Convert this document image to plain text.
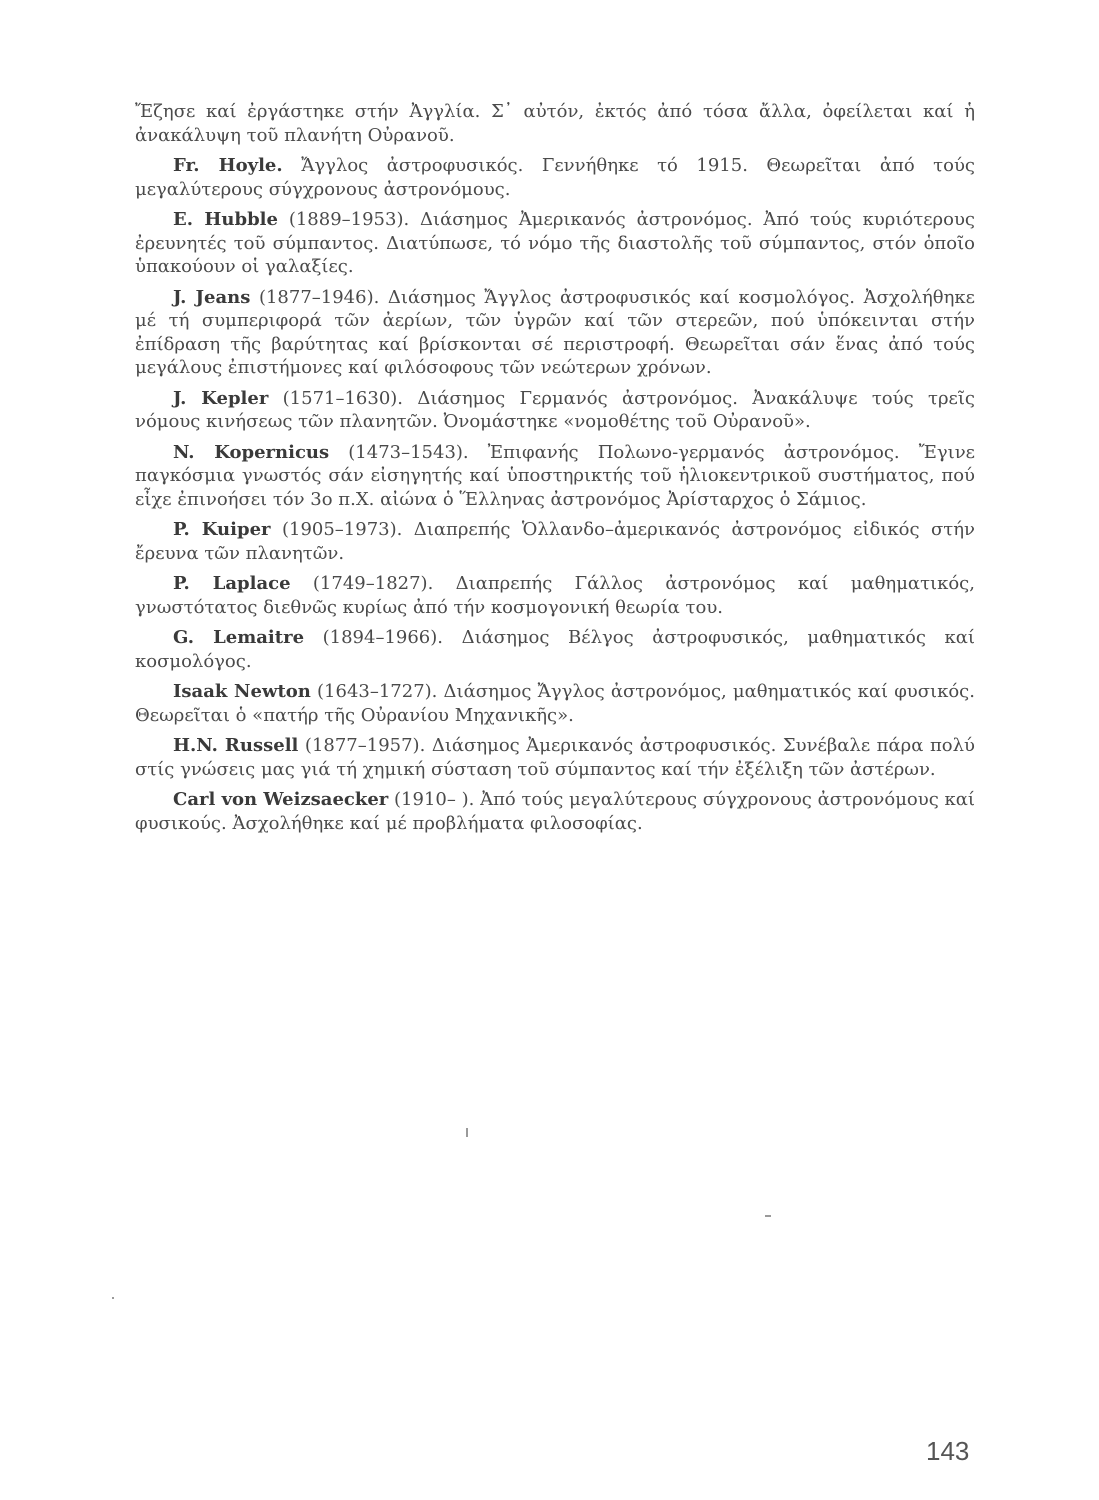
Ἔζησε καί ἐργάστηκε στήν Ἀγγλία. Σ᾽ αὐτόν, ἐκτός ἀπό τόσα ἄλλα, ὀφείλεται καί ἡ ἀνακάλυψη τοῦ πλανήτη Οὐρανοῦ.

Fr. Hoyle. Ἄγγλος ἀστροφυσικός. Γεννήθηκε τό 1915. Θεωρεῖται ἀπό τούς μεγαλύτερους σύγχρονους ἀστρονόμους.

E. Hubble (1889–1953). Διάσημος Ἀμερικανός ἀστρονόμος. Ἀπό τούς κυριότερους ἐρευνητές τοῦ σύμπαντος. Διατύπωσε, τό νόμο τῆς διαστολῆς τοῦ σύμπαντος, στόν ὁποῖο ὑπακούουν οἱ γαλαξίες.

J. Jeans (1877–1946). Διάσημος Ἄγγλος ἀστροφυσικός καί κοσμολόγος. Ἀσχολήθηκε μέ τή συμπεριφορά τῶν ἀερίων, τῶν ὑγρῶν καί τῶν στερεῶν, πού ὑπόκεινται στήν ἐπίδραση τῆς βαρύτητας καί βρίσκονται σέ περιστροφή. Θεωρεῖται σάν ἕνας ἀπό τούς μεγάλους ἐπιστήμονες καί φιλόσοφους τῶν νεώτερων χρόνων.

J. Kepler (1571–1630). Διάσημος Γερμανός ἀστρονόμος. Ἀνακάλυψε τούς τρεῖς νόμους κινήσεως τῶν πλανητῶν. Ὀνομάστηκε «νομοθέτης τοῦ Οὐρανοῦ».

N. Kopernicus (1473–1543). Ἐπιφανής Πολωνο-γερμανός ἀστρονόμος. Ἔγινε παγκόσμια γνωστός σάν εἰσηγητής καί ὑποστηρικτής τοῦ ἡλιοκεντρικοῦ συστήματος, πού εἶχε ἐπινοήσει τόν 3ο π.Χ. αἰώνα ὁ Ἕλληνας ἀστρονόμος Ἀρίσταρχος ὁ Σάμιος.

P. Kuiper (1905–1973). Διαπρεπής Ὁλλανδο–ἀμερικανός ἀστρονόμος εἰδικός στήν ἔρευνα τῶν πλανητῶν.

P. Laplace (1749–1827). Διαπρεπής Γάλλος ἀστρονόμος καί μαθηματικός, γνωστότατος διεθνῶς κυρίως ἀπό τήν κοσμογονική θεωρία του.

G. Lemaitre (1894–1966). Διάσημος Βέλγος ἀστροφυσικός, μαθηματικός καί κοσμολόγος.

Isaak Newton (1643–1727). Διάσημος Ἄγγλος ἀστρονόμος, μαθηματικός καί φυσικός. Θεωρεῖται ὁ «πατήρ τῆς Οὐρανίου Μηχανικῆς».

H.N. Russell (1877–1957). Διάσημος Ἀμερικανός ἀστροφυσικός. Συνέβαλε πάρα πολύ στίς γνώσεις μας γιά τή χημική σύσταση τοῦ σύμπαντος καί τήν ἐξέλιξη τῶν ἀστέρων.

Carl von Weizsaecker (1910– ). Ἀπό τούς μεγαλύτερους σύγχρονους ἀστρονόμους καί φυσικούς. Ἀσχολήθηκε καί μέ προβλήματα φιλοσοφίας.

143
